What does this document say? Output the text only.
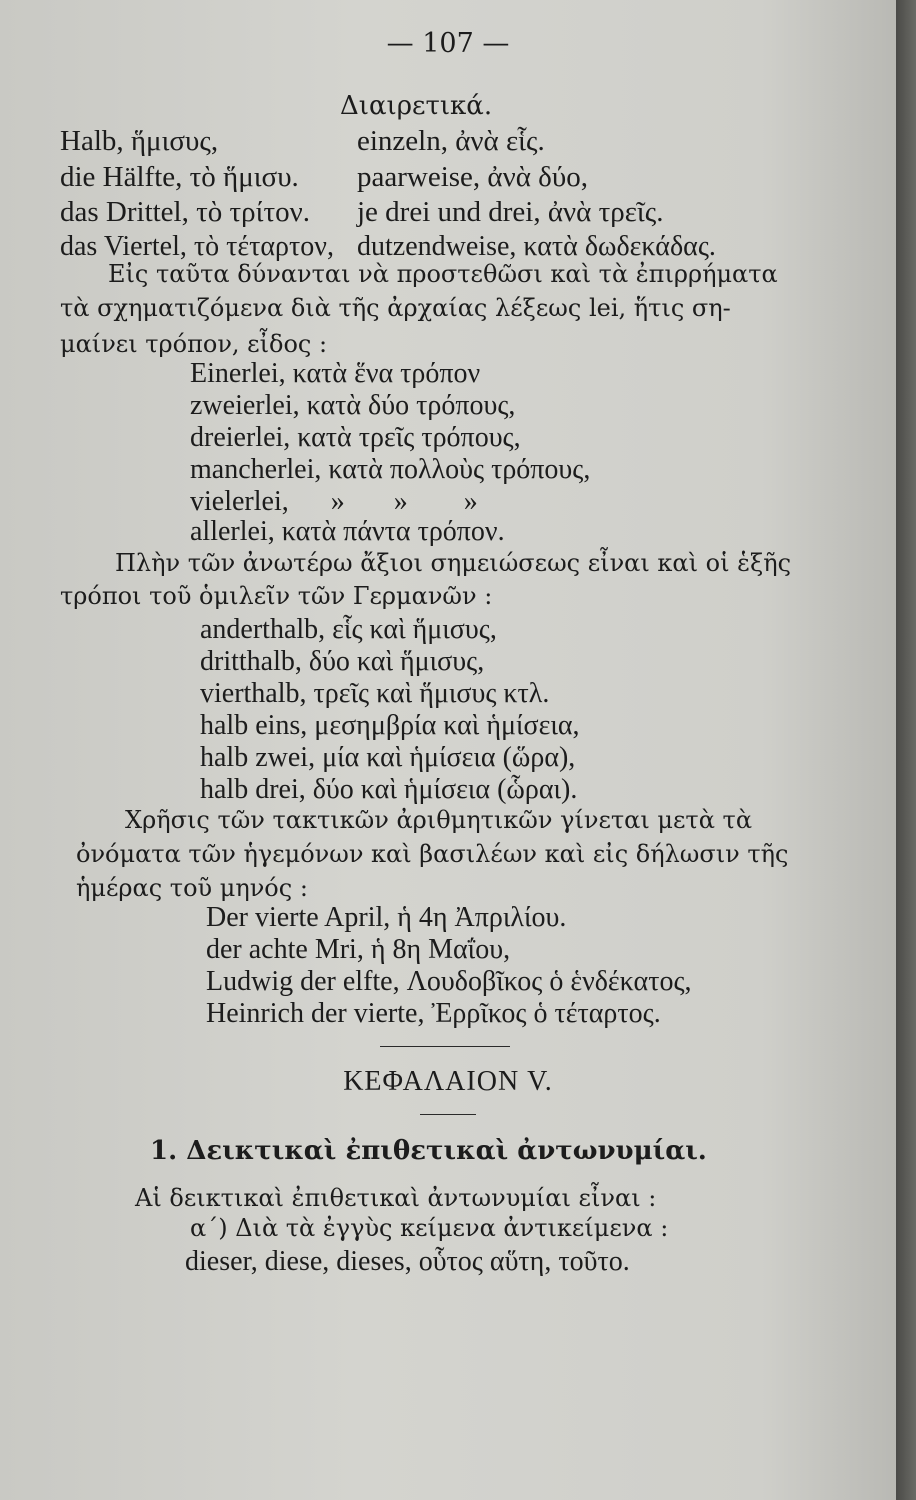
— 107 —
Διαιρετικά.
Halb, ἥμισυς,	einzeln, ἀνὰ εἷς.
die Hälfte, τὸ ἥμισυ. paarweise, ἀνὰ δύο,
das Drittel, τὸ τρίτον. je drei und drei, ἀνὰ τρεῖς.
das Viertel, τὸ τέταρτον, dutzendweise, κατὰ δωδεκάδας.
Εἰς ταῦτα δύνανται νὰ προστεθῶσι καὶ τὰ ἐπιρρήματα
τὰ σχηματιζόμενα διὰ τῆς ἀρχαίας λέξεως lei, ἥτις ση-
μαίνει τρόπον, εἶδος :
Einerlei, κατὰ ἕνα τρόπον
zweierlei, κατὰ δύο τρόπους,
dreierlei, κατὰ τρεῖς τρόπους,
mancherlei, κατὰ πολλοὺς τρόπους,
vielerlei,      »       »        »
allerlei, κατὰ πάντα τρόπον.
Πλὴν τῶν ἀνωτέρω ἄξιοι σημειώσεως εἶναι καὶ οἱ ἑξῆς
τρόποι τοῦ ὁμιλεῖν τῶν Γερμανῶν :
anderthalb, εἷς καὶ ἥμισυς,
dritthalb, δύο καὶ ἥμισυς,
vierthalb, τρεῖς καὶ ἥμισυς κτλ.
halb eins, μεσημβρία καὶ ἡμίσεια,
halb zwei, μία καὶ ἡμίσεια (ὥρα),
halb drei, δύο καὶ ἡμίσεια (ὧραι).
Χρῆσις τῶν τακτικῶν ἀριθμητικῶν γίνεται μετὰ τὰ
ὀνόματα τῶν ἡγεμόνων καὶ βασιλέων καὶ εἰς δήλωσιν τῆς
ἡμέρας τοῦ μηνός :
Der vierte April, ἡ 4η Ἀπριλίου.
der achte Mri, ἡ 8η Μαΐου,
Ludwig der elfte, Λουδοβῖκος ὁ ἑνδέκατος,
Heinrich der vierte, Ἐρρῖκος ὁ τέταρτος.
ΚΕΦΑΛΑΙΟΝ V.
1. Δεικτικαὶ ἐπιθετικαὶ ἀντωνυμίαι.
Αἱ δεικτικαὶ ἐπιθετικαὶ ἀντωνυμίαι εἶναι :
α΄) Διὰ τὰ ἐγγὺς κείμενα ἀντικείμενα :
dieser, diese, dieses, οὗτος αὕτη, τοῦτο.
